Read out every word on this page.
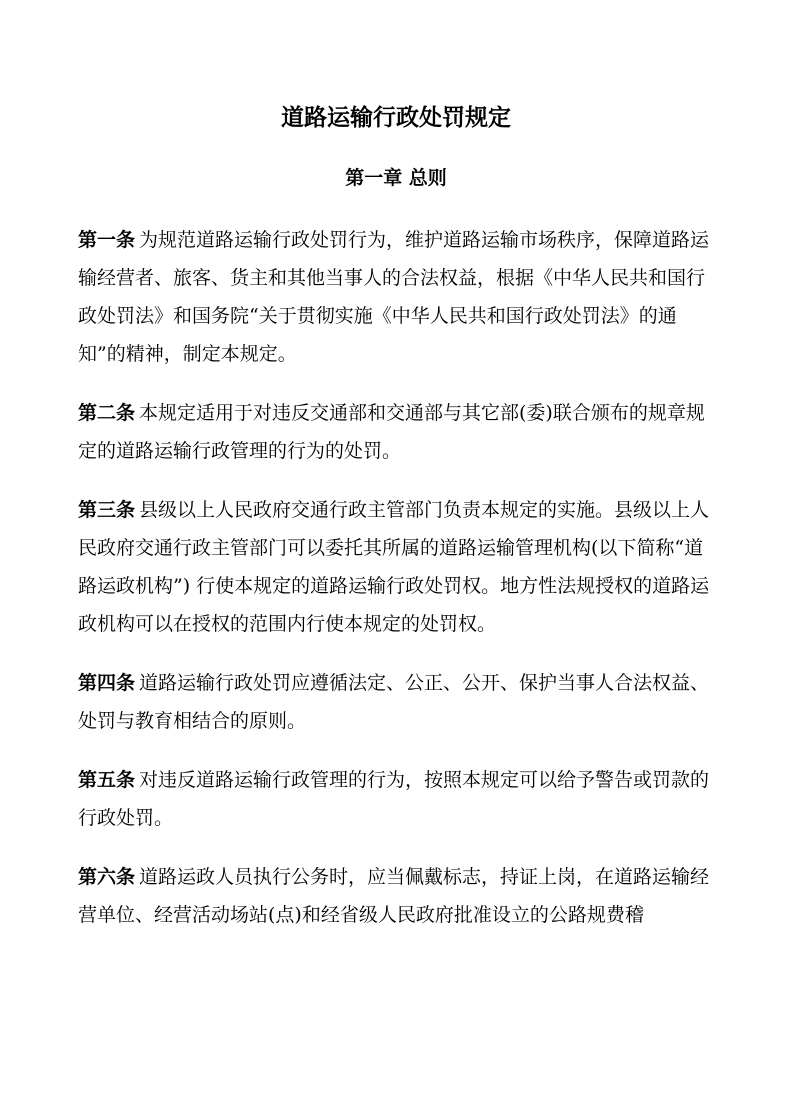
道路运输行政处罚规定
第一章 总则

第一条 为规范道路运输行政处罚行为，维护道路运输市场秩序，保障道路运输经营者、旅客、货主和其他当事人的合法权益，根据《中华人民共和国行政处罚法》和国务院“关于贯彻实施《中华人民共和国行政处罚法》的通知”的精神，制定本规定。

第二条 本规定适用于对违反交通部和交通部与其它部(委)联合颁布的规章规定的道路运输行政管理的行为的处罚。

第三条 县级以上人民政府交通行政主管部门负责本规定的实施。县级以上人民政府交通行政主管部门可以委托其所属的道路运输管理机构(以下简称“道路运政机构”) 行使本规定的道路运输行政处罚权。地方性法规授权的道路运政机构可以在授权的范围内行使本规定的处罚权。

第四条 道路运输行政处罚应遵循法定、公正、公开、保护当事人合法权益、处罚与教育相结合的原则。

第五条 对违反道路运输行政管理的行为，按照本规定可以给予警告或罚款的行政处罚。

第六条 道路运政人员执行公务时，应当佩戴标志，持证上岗，在道路运输经营单位、经营活动场站(点)和经省级人民政府批准设立的公路规费稽
